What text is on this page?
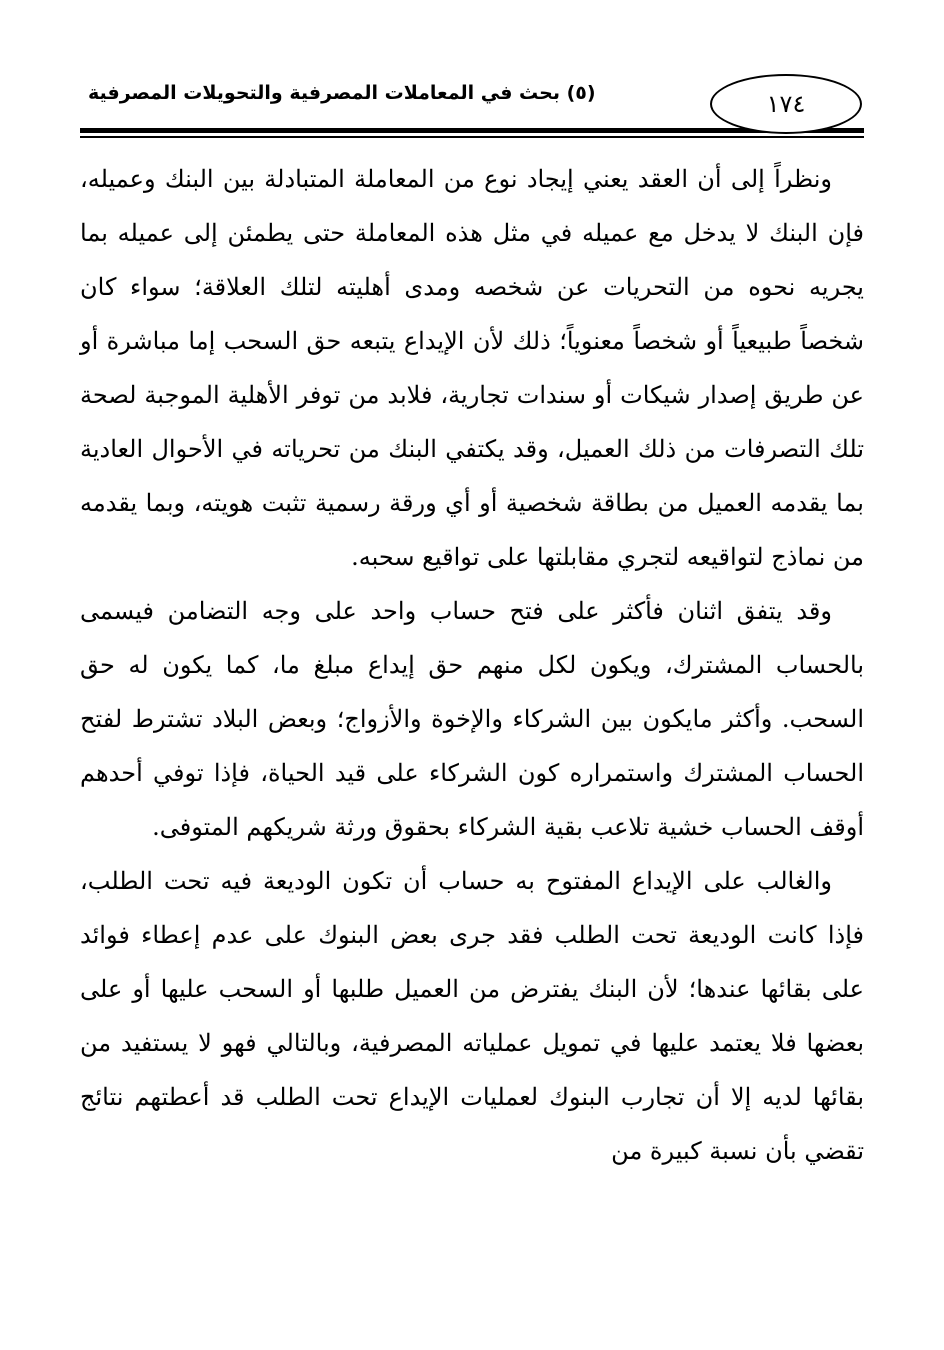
(٥) بحث في المعاملات المصرفية والتحويلات المصرفية	١٧٤

ونظراً إلى أن العقد يعني إيجاد نوع من المعاملة المتبادلة بين البنك وعميله، فإن البنك لا يدخل مع عميله في مثل هذه المعاملة حتى يطمئن إلى عميله بما يجريه نحوه من التحريات عن شخصه ومدى أهليته لتلك العلاقة؛ سواء كان شخصاً طبيعياً أو شخصاً معنوياً؛ ذلك لأن الإيداع يتبعه حق السحب إما مباشرة أو عن طريق إصدار شيكات أو سندات تجارية، فلابد من توفر الأهلية الموجبة لصحة تلك التصرفات من ذلك العميل، وقد يكتفي البنك من تحرياته في الأحوال العادية بما يقدمه العميل من بطاقة شخصية أو أي ورقة رسمية تثبت هويته، وبما يقدمه من نماذج لتواقيعه لتجري مقابلتها على تواقيع سحبه.

وقد يتفق اثنان فأكثر على فتح حساب واحد على وجه التضامن فيسمى بالحساب المشترك، ويكون لكل منهم حق إيداع مبلغ ما، كما يكون له حق السحب. وأكثر مايكون بين الشركاء والإخوة والأزواج؛ وبعض البلاد تشترط لفتح الحساب المشترك واستمراره كون الشركاء على قيد الحياة، فإذا توفي أحدهم أوقف الحساب خشية تلاعب بقية الشركاء بحقوق ورثة شريكهم المتوفى.

والغالب على الإيداع المفتوح به حساب أن تكون الوديعة فيه تحت الطلب، فإذا كانت الوديعة تحت الطلب فقد جرى بعض البنوك على عدم إعطاء فوائد على بقائها عندها؛ لأن البنك يفترض من العميل طلبها أو السحب عليها أو على بعضها فلا يعتمد عليها في تمويل عملياته المصرفية، وبالتالي فهو لا يستفيد من بقائها لديه إلا أن تجارب البنوك لعمليات الإيداع تحت الطلب قد أعطتهم نتائج تقضي بأن نسبة كبيرة من
